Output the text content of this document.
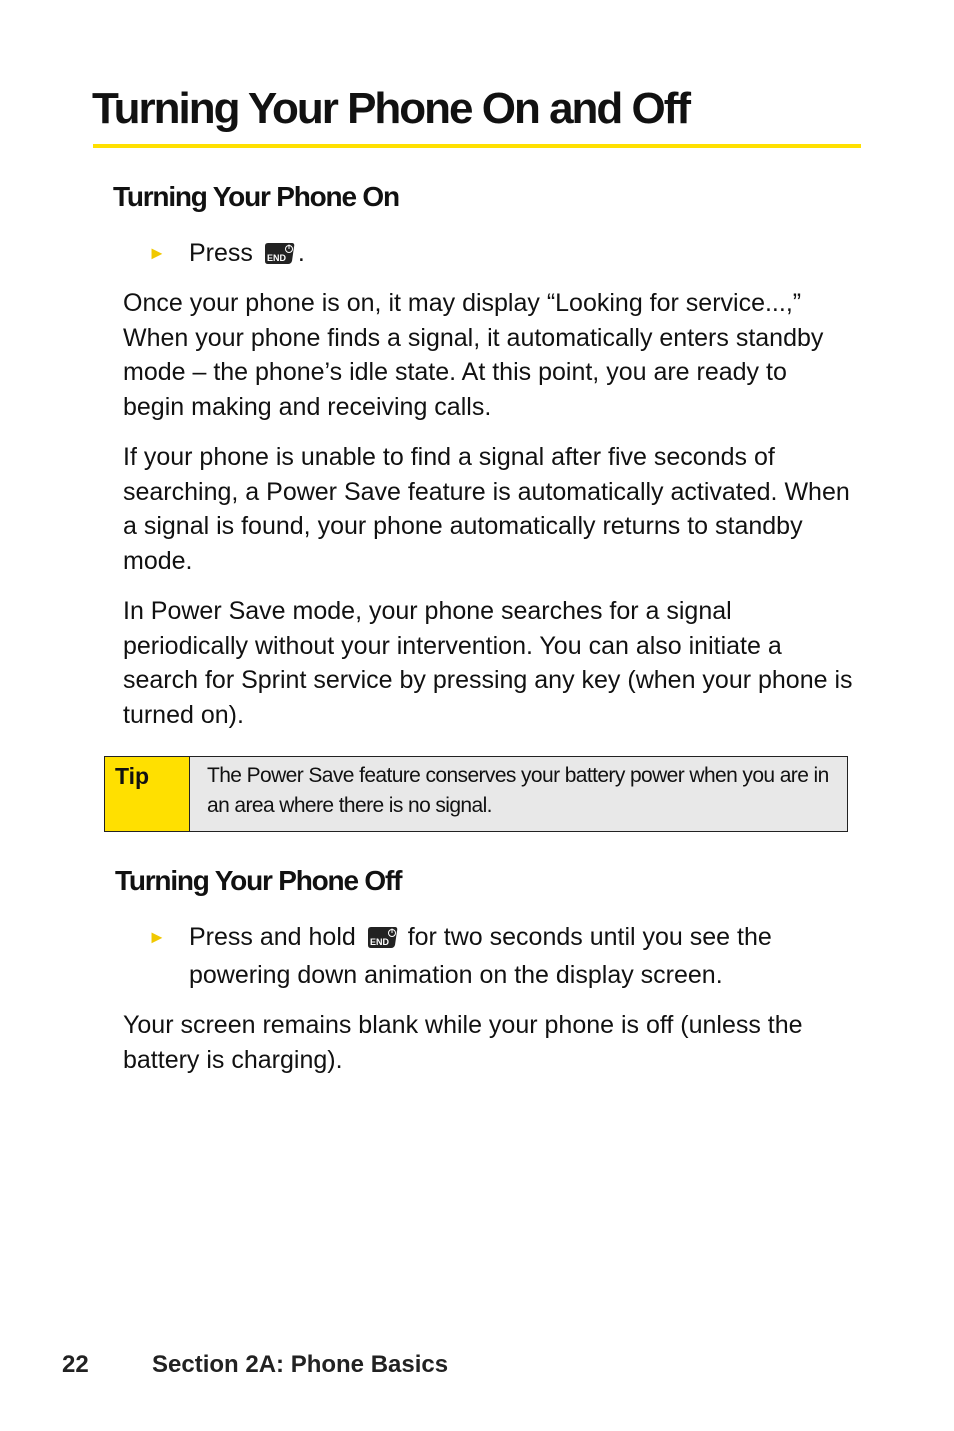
Turning Your Phone On and Off
Turning Your Phone On
► Press END .

Once your phone is on, it may display “Looking for service...,” When your phone finds a signal, it automatically enters standby mode – the phone’s idle state. At this point, you are ready to begin making and receiving calls.

If your phone is unable to find a signal after five seconds of searching, a Power Save feature is automatically activated. When a signal is found, your phone automatically returns to standby mode.

In Power Save mode, your phone searches for a signal periodically without your intervention. You can also initiate a search for Sprint service by pressing any key (when your phone is turned on).

Tip	The Power Save feature conserves your battery power when you are in an area where there is no signal.
Turning Your Phone Off
► Press and hold END for two seconds until you see the powering down animation on the display screen.

Your screen remains blank while your phone is off (unless the battery is charging).

22	Section 2A: Phone Basics
